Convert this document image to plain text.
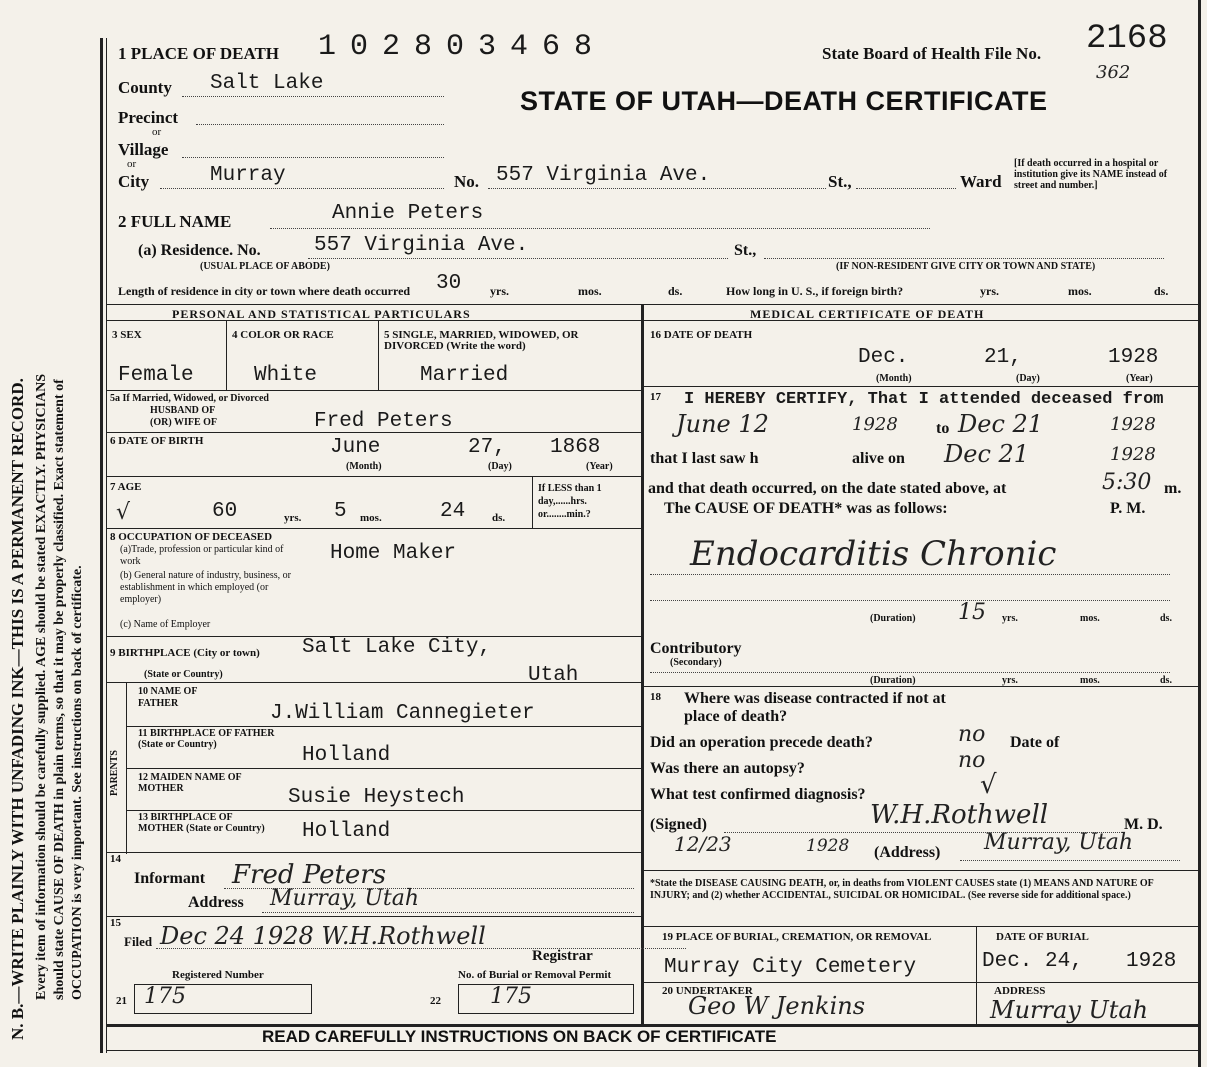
N. B.—WRITE PLAINLY WITH UNFADING INK—THIS IS A PERMANENT RECORD. Every item of information should be carefully supplied. AGE should be stated EXACTLY. PHYSICIANS should state CAUSE OF DEATH in plain terms, so that it may be properly classified. Exact statement of OCCUPATION is very important. See instructions on back of certificate.
1 PLACE OF DEATH 102803468	State Board of Health File No. 2168
362
STATE OF UTAH—DEATH CERTIFICATE
County Salt Lake
Precinct
or
Village
or
City	Murray	No. 557 Virginia Ave.	St.,	Ward
[If death occurred in a hospital or institution give its NAME instead of street and number.]
2 FULL NAME	Annie Peters
(a) Residence. No.
(USUAL PLACE OF ABODE)
557 Virginia Ave.	St.,
(IF NON-RESIDENT GIVE CITY OR TOWN AND STATE)
Length of residence in city or town where death occurred 30 yrs.	mos.	ds.	How long in U. S., if foreign birth?	yrs.	mos.	ds.
PERSONAL AND STATISTICAL PARTICULARS	MEDICAL CERTIFICATE OF DEATH
3 SEX
Female
4 COLOR OR RACE
White
5 SINGLE, MARRIED, WIDOWED, OR DIVORCED (Write the word)
Married
5a If Married, Widowed, or Divorced
HUSBAND OF
(OR) WIFE OF	Fred Peters
6 DATE OF BIRTH	June	27, 1868
(Month)	(Day)	(Year)
7 AGE
√	60	yrs. 5 mos.	24 ds.
If LESS than 1 day,......hrs. or........min.?
8 OCCUPATION OF DECEASED
(a)Trade, profession or particular kind of work
(b) General nature of industry, business, or establishment in which employed (or employer)
Home Maker
(c) Name of Employer
9 BIRTHPLACE (City or town) Salt Lake City,
(State or Country)	Utah
PARENTS
10 NAME OF FATHER	J.William Cannegieter
11 BIRTHPLACE OF FATHER (State or Country)	Holland
12 MAIDEN NAME OF MOTHER	Susie Heystech
13 BIRTHPLACE OF MOTHER (State or Country)	Holland
14
Informant Fred Peters
Address Murray, Utah
15
Filed Dec 24 1928 W.H.Rothwell
Registrar
Registered Number	No. of Burial or Removal Permit
21 175	22 175
16 DATE OF DEATH
Dec.	21,	1928
(Month)	(Day)	(Year)
17 I HEREBY CERTIFY, That I attended deceased from
June 12	1928 to Dec 21	1928
that I last saw h	alive on Dec 21	1928
and that death occurred, on the date stated above, at	5:30 m.
The CAUSE OF DEATH* was as follows:	P. M.
Endocarditis Chronic
(Duration) 15 yrs.	mos.	ds.
Contributory
(Secondary)
(Duration)	yrs.	mos.	ds.
18 Where was disease contracted if not at place of death?
Did an operation precede death?	no Date of
Was there an autopsy?	no
What test confirmed diagnosis?	√
(Signed)	W.H.Rothwell	M. D.
12/23	1928 (Address) Murray, Utah
*State the DISEASE CAUSING DEATH, or, in deaths from VIOLENT CAUSES state (1) MEANS AND NATURE OF INJURY; and (2) whether ACCIDENTAL, SUICIDAL OR HOMICIDAL. (See reverse side for additional space.)
19 PLACE OF BURIAL, CREMATION, OR REMOVAL
Murray City Cemetery
DATE OF BURIAL
Dec. 24, 1928
20 UNDERTAKER
Geo W Jenkins
ADDRESS
Murray Utah
READ CAREFULLY INSTRUCTIONS ON BACK OF CERTIFICATE
